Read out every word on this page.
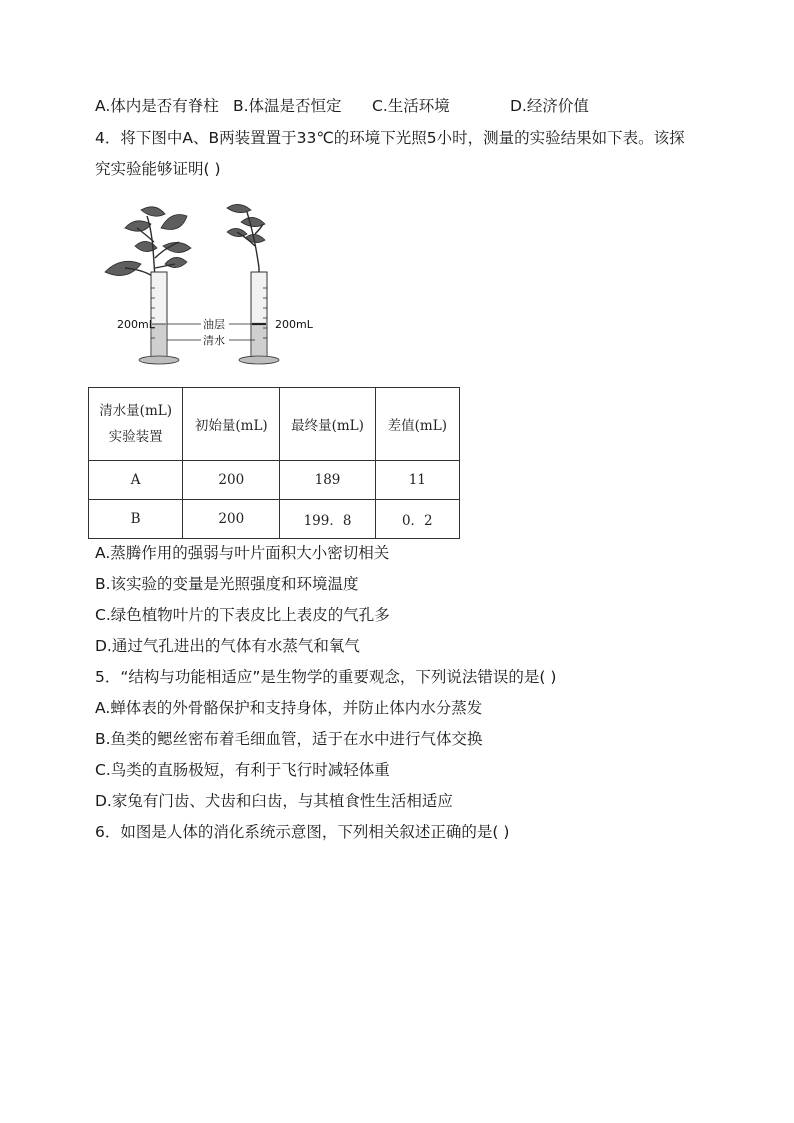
A.体内是否有脊柱 B.体温是否恒定 C.生活环境	D.经济价值
4．将下图中A、B两装置置于33℃的环境下光照5小时，测量的实验结果如下表。该探
究实验能够证明( )
200mL	油层
清水
200mL
清水量(mL)
实验装置	初始量(mL)	最终量(mL)	差值(mL)
A	200	189	11
B	200	199．8	0．2
A.蒸腾作用的强弱与叶片面积大小密切相关
B.该实验的变量是光照强度和环境温度
C.绿色植物叶片的下表皮比上表皮的气孔多
D.通过气孔进出的气体有水蒸气和氧气
5．“结构与功能相适应”是生物学的重要观念，下列说法错误的是( )
A.蝉体表的外骨骼保护和支持身体，并防止体内水分蒸发
B.鱼类的鳃丝密布着毛细血管，适于在水中进行气体交换
C.鸟类的直肠极短，有利于飞行时减轻体重
D.家兔有门齿、犬齿和臼齿，与其植食性生活相适应
6．如图是人体的消化系统示意图，下列相关叙述正确的是( )
